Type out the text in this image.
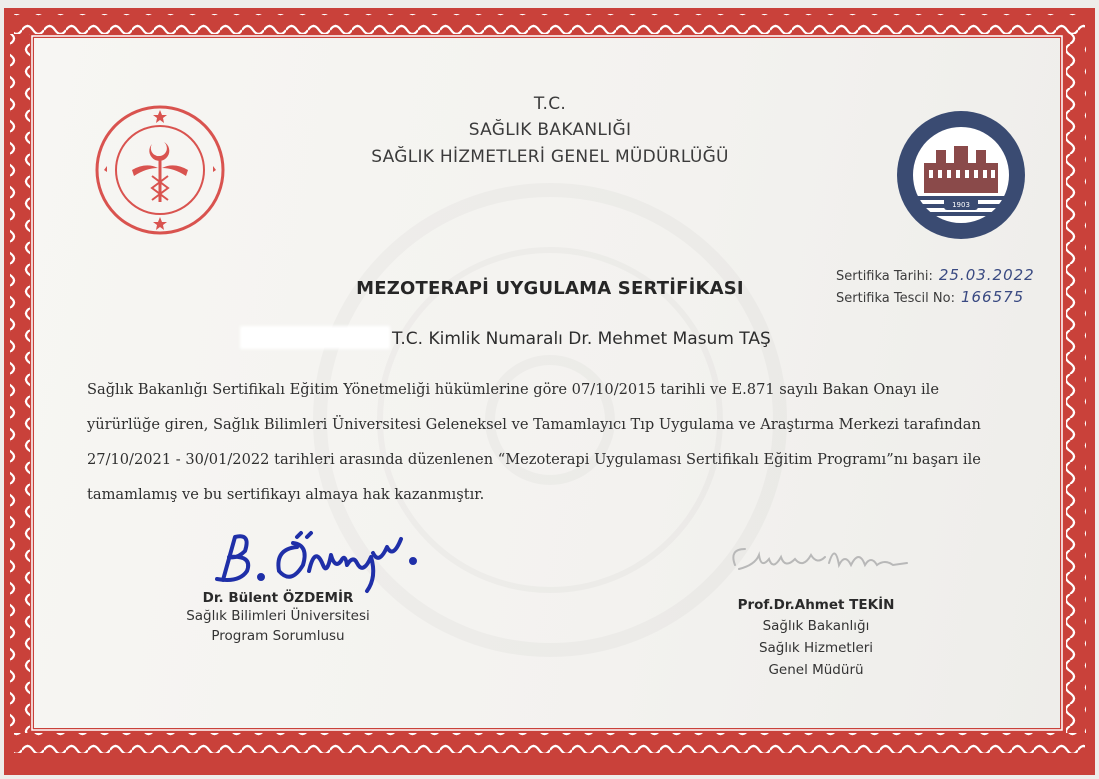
1903
T.C.
SAĞLIK BAKANLIĞI
SAĞLIK HİZMETLERİ GENEL MÜDÜRLÜĞÜ
MEZOTERAPİ UYGULAMA SERTİFİKASI
Sertifika Tarihi: 25.03.2022
Sertifika Tescil No: 166575
T.C. Kimlik Numaralı Dr. Mehmet Masum TAŞ
Sağlık Bakanlığı Sertifikalı Eğitim Yönetmeliği hükümlerine göre 07/10/2015 tarihli ve E.871 sayılı Bakan Onayı ile
yürürlüğe giren, Sağlık Bilimleri Üniversitesi Geleneksel ve Tamamlayıcı Tıp Uygulama ve Araştırma Merkezi tarafından
27/10/2021 - 30/01/2022 tarihleri arasında düzenlenen “Mezoterapi Uygulaması Sertifikalı Eğitim Programı”nı başarı ile
tamamlamış ve bu sertifikayı almaya hak kazanmıştır.
Dr. Bülent ÖZDEMİR
Sağlık Bilimleri Üniversitesi
Program Sorumlusu
Prof.Dr.Ahmet TEKİN
Sağlık Bakanlığı
Sağlık Hizmetleri
Genel Müdürü
